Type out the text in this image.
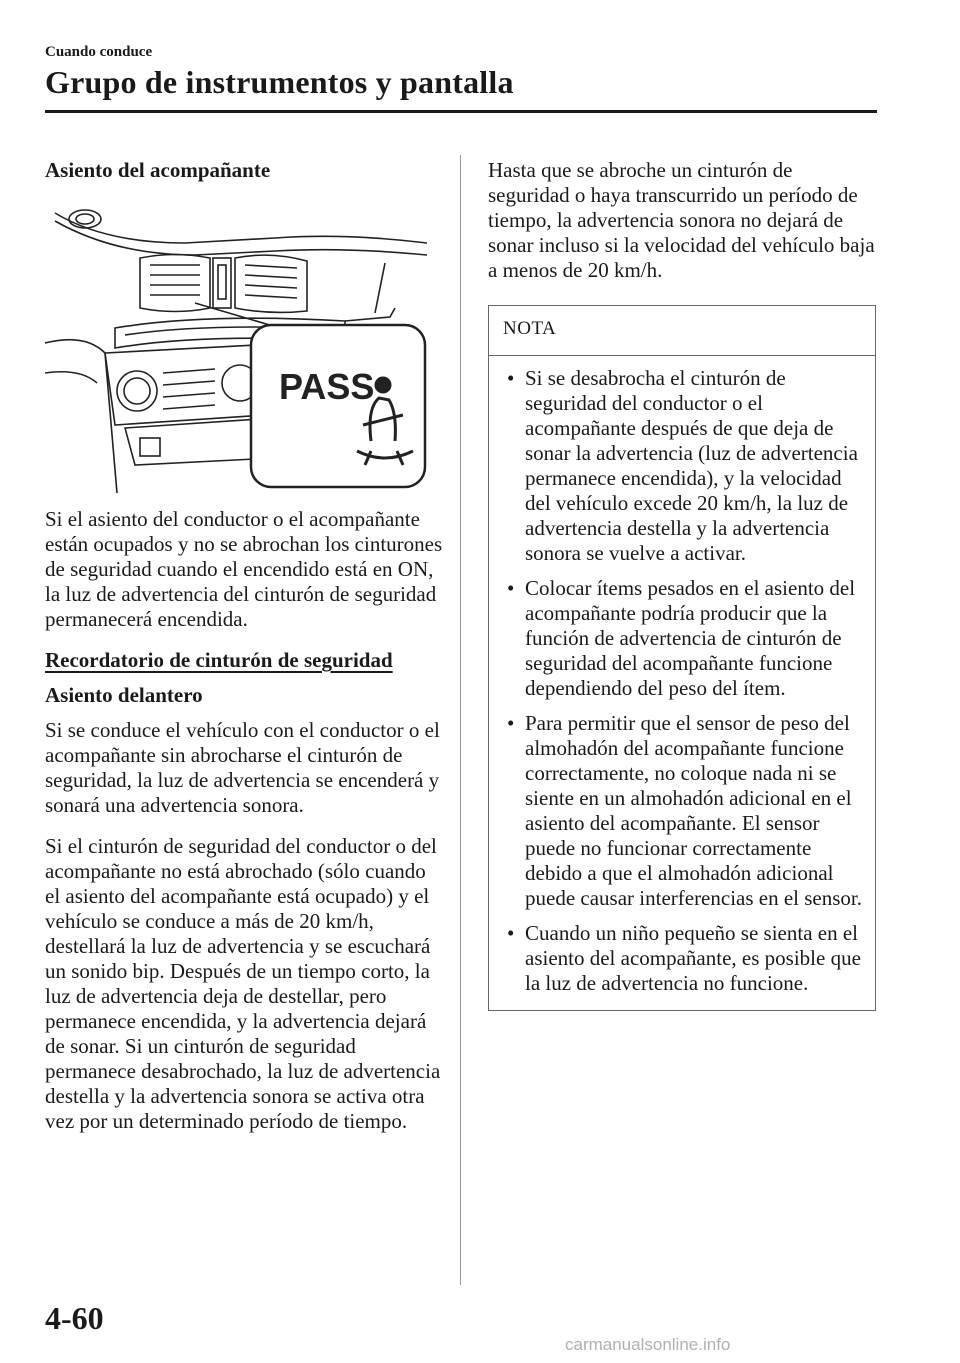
Cuando conduce
Grupo de instrumentos y pantalla

Asiento del acompañante

PASS

Si el asiento del conductor o el acompañante están ocupados y no se abrochan los cinturones de seguridad cuando el encendido está en ON, la luz de advertencia del cinturón de seguridad permanecerá encendida.

Recordatorio de cinturón de seguridad

Asiento delantero

Si se conduce el vehículo con el conductor o el acompañante sin abrocharse el cinturón de seguridad, la luz de advertencia se encenderá y sonará una advertencia sonora.

Si el cinturón de seguridad del conductor o del acompañante no está abrochado (sólo cuando el asiento del acompañante está ocupado) y el vehículo se conduce a más de 20 km/h, destellará la luz de advertencia y se escuchará un sonido bip. Después de un tiempo corto, la luz de advertencia deja de destellar, pero permanece encendida, y la advertencia dejará de sonar. Si un cinturón de seguridad permanece desabrochado, la luz de advertencia destella y la advertencia sonora se activa otra vez por un determinado período de tiempo.

Hasta que se abroche un cinturón de seguridad o haya transcurrido un período de tiempo, la advertencia sonora no dejará de sonar incluso si la velocidad del vehículo baja a menos de 20 km/h.

NOTA
• Si se desabrocha el cinturón de seguridad del conductor o el acompañante después de que deja de sonar la advertencia (luz de advertencia permanece encendida), y la velocidad del vehículo excede 20 km/h, la luz de advertencia destella y la advertencia sonora se vuelve a activar.
• Colocar ítems pesados en el asiento del acompañante podría producir que la función de advertencia de cinturón de seguridad del acompañante funcione dependiendo del peso del ítem.
• Para permitir que el sensor de peso del almohadón del acompañante funcione correctamente, no coloque nada ni se siente en un almohadón adicional en el asiento del acompañante. El sensor puede no funcionar correctamente debido a que el almohadón adicional puede causar interferencias en el sensor.
• Cuando un niño pequeño se sienta en el asiento del acompañante, es posible que la luz de advertencia no funcione.
4-60
carmanualsonline.info
